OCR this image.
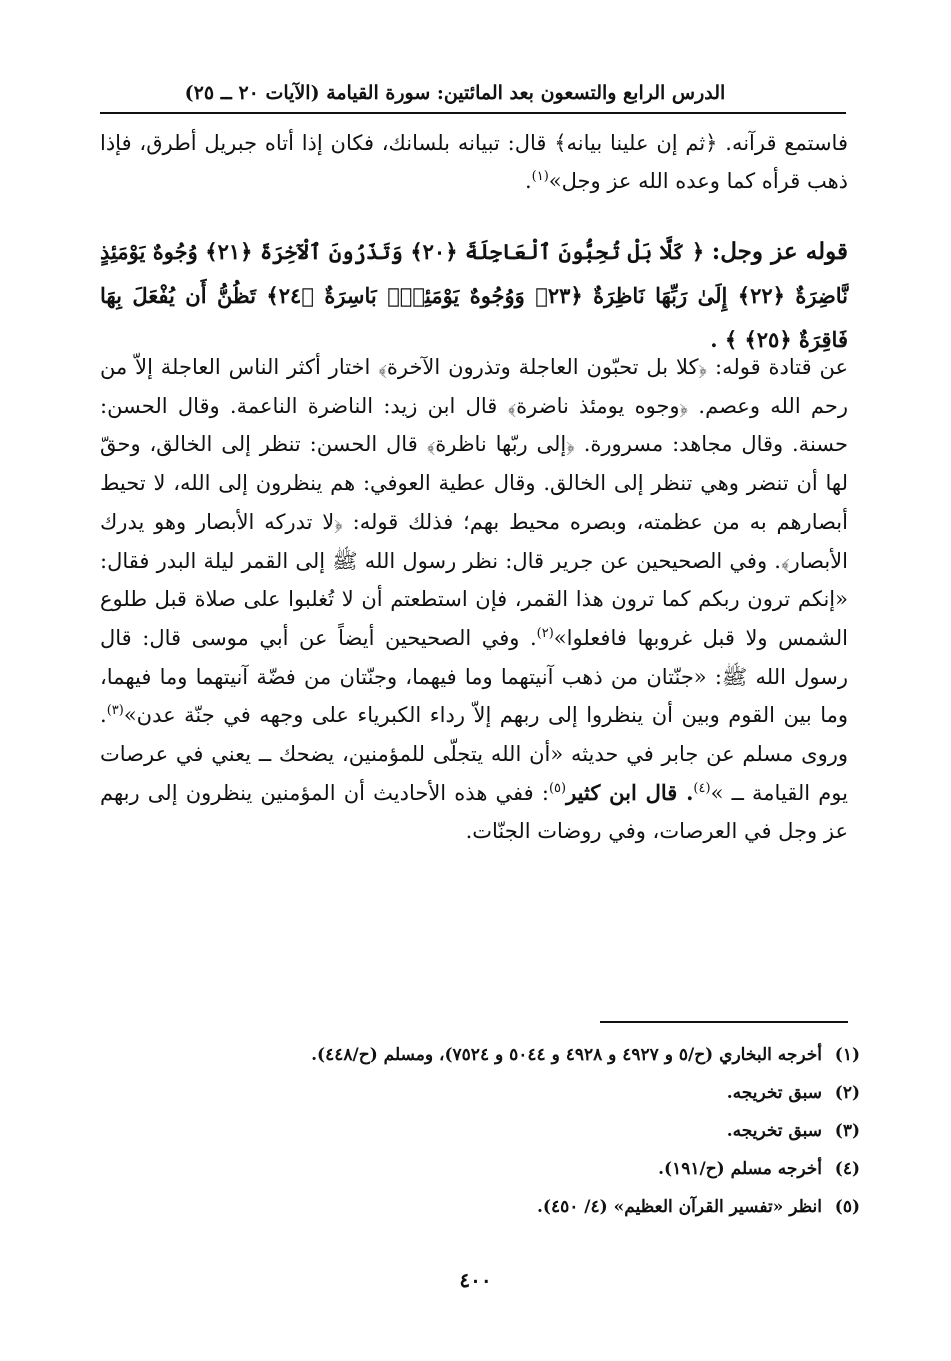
الدرس الرابع والتسعون بعد المائتين: سورة القيامة (الآيات ٢٠ ــ ٢٥)

فاستمع قرآنه. ﴿ثم إن علينا بيانه﴾ قال: تبيانه بلسانك، فكان إذا أتاه جبريل أطرق، فإذا ذهب قرأه كما وعده الله عز وجل»$^{(١)}$.

قوله عز وجل: ﴿ كَلَّا بَلْ تُحِبُّونَ ٱلْعَاجِلَةَ ﴿٢٠﴾ وَتَذَرُونَ ٱلْآخِرَةَ ﴿٢١﴾ وُجُوهٌ يَوْمَئِذٍ نَّاضِرَةٌ ﴿٢٢﴾ إِلَىٰ رَبِّهَا نَاظِرَةٌ ﴿٢٣﴾ وَوُجُوهٌ يَوْمَئِذٍۭ بَاسِرَةٌ ﴿٢٤﴾ تَظُنُّ أَن يُفْعَلَ بِهَا فَاقِرَةٌ ﴿٢٥﴾ ﴾ .

عن قتادة قوله: ﴿كلا بل تحبّون العاجلة وتذرون الآخرة﴾ اختار أكثر الناس العاجلة إلاّ من رحم الله وعصم. ﴿وجوه يومئذ ناضرة﴾ قال ابن زيد: الناضرة الناعمة. وقال الحسن: حسنة. وقال مجاهد: مسرورة. ﴿إلى ربّها ناظرة﴾ قال الحسن: تنظر إلى الخالق، وحقّ لها أن تنضر وهي تنظر إلى الخالق. وقال عطية العوفي: هم ينظرون إلى الله، لا تحيط أبصارهم به من عظمته، وبصره محيط بهم؛ فذلك قوله: ﴿لا تدركه الأبصار وهو يدرك الأبصار﴾. وفي الصحيحين عن جرير قال: نظر رسول الله ﷺ إلى القمر ليلة البدر فقال: «إنكم ترون ربكم كما ترون هذا القمر، فإن استطعتم أن لا تُغلبوا على صلاة قبل طلوع الشمس ولا قبل غروبها فافعلوا»$^{(٢)}$. وفي الصحيحين أيضاً عن أبي موسى قال: قال رسول الله ﷺ: «جنّتان من ذهب آنيتهما وما فيهما، وجنّتان من فضّة آنيتهما وما فيهما، وما بين القوم وبين أن ينظروا إلى ربهم إلاّ رداء الكبرياء على وجهه في جنّة عدن»$^{(٣)}$. وروى مسلم عن جابر في حديثه «أن الله يتجلّى للمؤمنين، يضحك ــ يعني في عرصات يوم القيامة ــ »$^{(٤)}$. قال ابن كثير$^{(٥)}$: ففي هذه الأحاديث أن المؤمنين ينظرون إلى ربهم عز وجل في العرصات، وفي روضات الجنّات.

(١)أخرجه البخاري (ح/٥ و ٤٩٢٧ و ٤٩٢٨ و ٥٠٤٤ و ٧٥٢٤)، ومسلم (ح/٤٤٨).
(٢)سبق تخريجه.
(٣)سبق تخريجه.
(٤)أخرجه مسلم (ح/١٩١).
(٥)انظر «تفسير القرآن العظيم» (٤/ ٤٥٠).
٤٠٠
